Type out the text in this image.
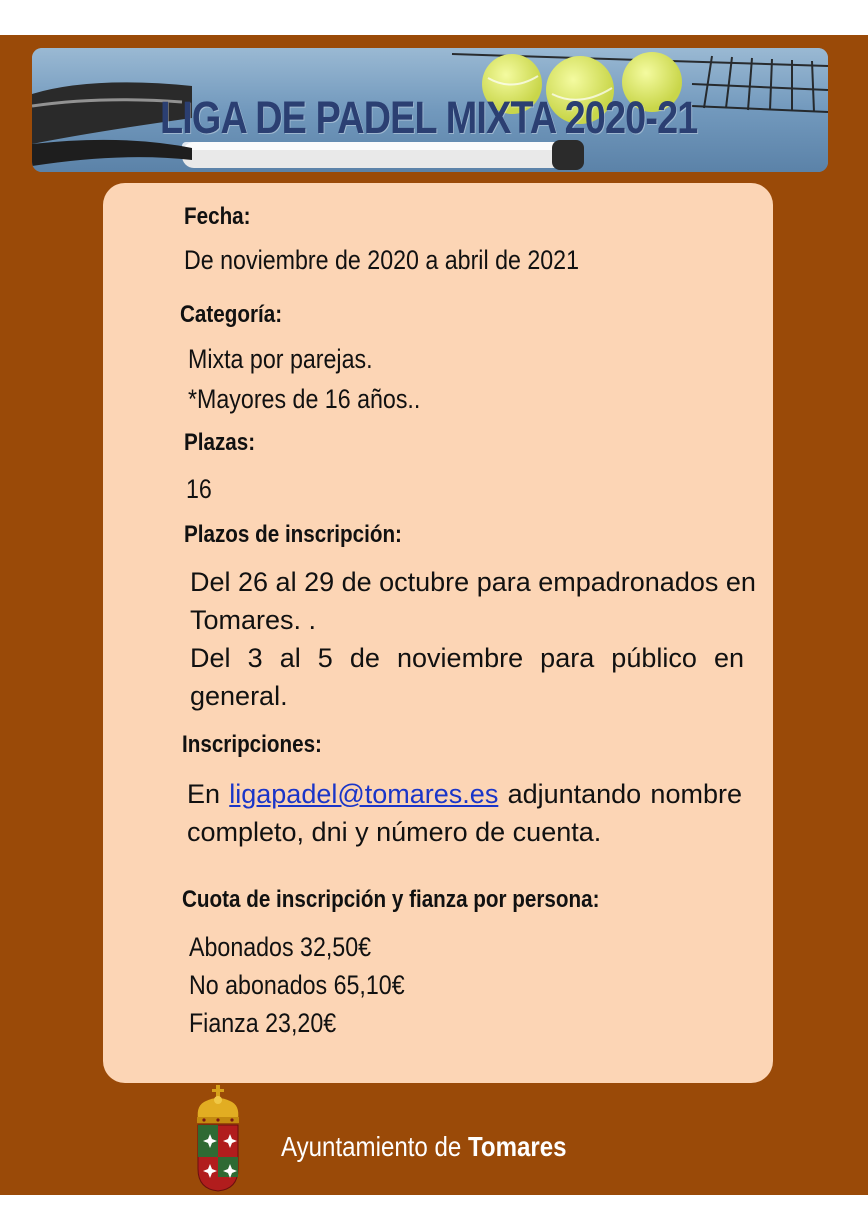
LIGA DE PADEL MIXTA 2020-21
Fecha:
De noviembre de 2020 a abril de 2021
Categoría:
Mixta por parejas.
*Mayores de 16 años..
Plazas:
16
Plazos de inscripción:
Del 26 al 29 de octubre para empadronados en
Tomares. .
Del 3 al 5 de noviembre para público en
general.
Inscripciones:
En ligapadel@tomares.es adjuntando nombre
completo, dni y número de cuenta.
Cuota de inscripción y fianza por persona:
Abonados 32,50€
No abonados 65,10€
Fianza 23,20€
Ayuntamiento de Tomares
